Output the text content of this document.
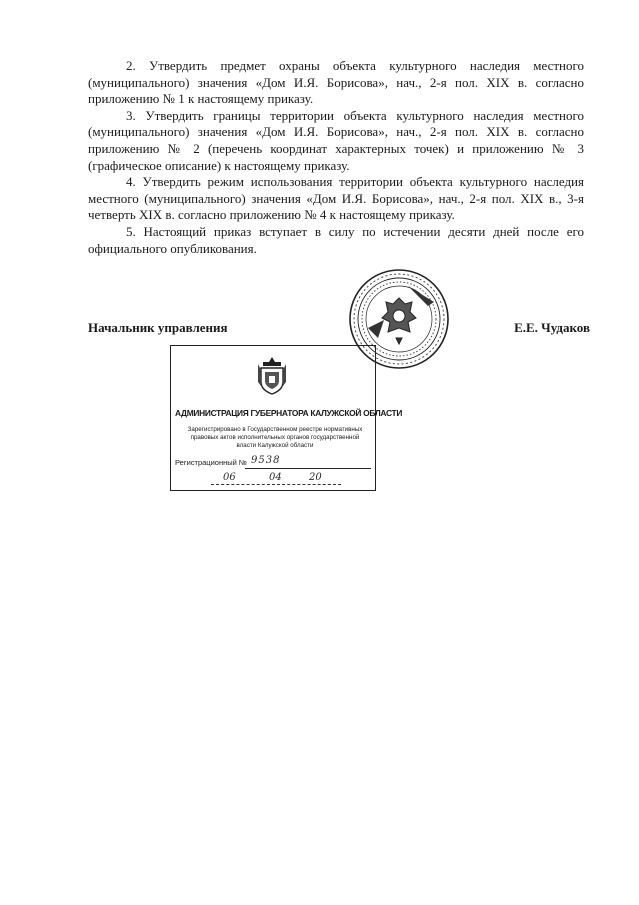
2. Утвердить предмет охраны объекта культурного наследия местного (муниципального) значения «Дом И.Я. Борисова», нач., 2-я пол. XIX в. согласно приложению № 1 к настоящему приказу.

3. Утвердить границы территории объекта культурного наследия местного (муниципального) значения «Дом И.Я. Борисова», нач., 2-я пол. XIX в. согласно приложению № 2 (перечень координат характерных точек) и приложению № 3 (графическое описание) к настоящему приказу.

4. Утвердить режим использования территории объекта культурного наследия местного (муниципального) значения «Дом И.Я. Борисова», нач., 2-я пол. XIX в., 3-я четверть XIX в. согласно приложению № 4 к настоящему приказу.

5. Настоящий приказ вступает в силу по истечении десяти дней после его официального опубликования.

Начальник управления	Е.Е. Чудаков
АДМИНИСТРАЦИЯ ГУБЕРНАТОРА КАЛУЖСКОЙ ОБЛАСТИ
Зарегистрировано в Государственном реестре нормативных правовых актов исполнительных органов государственной власти Калужской области
Регистрационный № 9538
06	04	20
